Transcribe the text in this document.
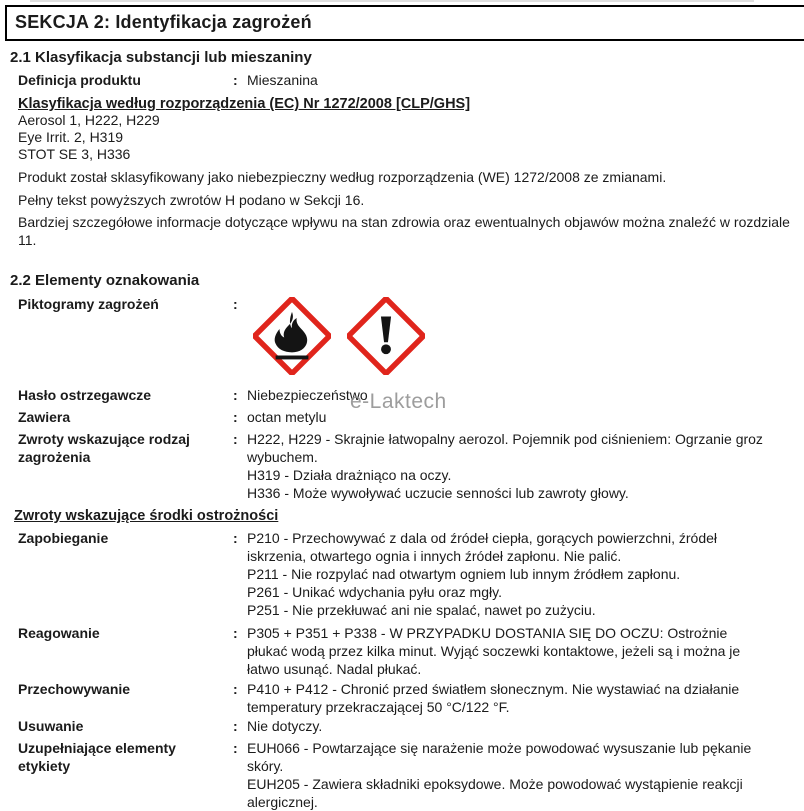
SEKCJA 2: Identyfikacja zagrożeń
2.1 Klasyfikacja substancji lub mieszaniny
Definicja produktu	: Mieszanina
Klasyfikacja według rozporządzenia (EC) Nr 1272/2008 [CLP/GHS]
Aerosol 1, H222, H229
Eye Irrit. 2, H319
STOT SE 3, H336
Produkt został sklasyfikowany jako niebezpieczny według rozporządzenia (WE) 1272/2008 ze zmianami.
Pełny tekst powyższych zwrotów H podano w Sekcji 16.
Bardziej szczegółowe informacje dotyczące wpływu na stan zdrowia oraz ewentualnych objawów można znaleźć w rozdziale 11.
2.2 Elementy oznakowania
Piktogramy zagrożeń	:
Hasło ostrzegawcze	: Niebezpieczeństwo
Zawiera	: octan metylu
Zwroty wskazujące rodzaj zagrożenia
: H222, H229 - Skrajnie łatwopalny aerozol. Pojemnik pod ciśnieniem: Ogrzanie groz
wybuchem.
H319 - Działa drażniąco na oczy.
H336 - Może wywoływać uczucie senności lub zawroty głowy.
Zwroty wskazujące środki ostrożności
Zapobieganie	: P210 - Przechowywać z dala od źródeł ciepła, gorących powierzchni, źródeł
iskrzenia, otwartego ognia i innych źródeł zapłonu. Nie palić.
P211 - Nie rozpylać nad otwartym ogniem lub innym źródłem zapłonu.
P261 - Unikać wdychania pyłu oraz mgły.
P251 - Nie przekłuwać ani nie spalać, nawet po zużyciu.
Reagowanie	: P305 + P351 + P338 - W PRZYPADKU DOSTANIA SIĘ DO OCZU: Ostrożnie
płukać wodą przez kilka minut. Wyjąć soczewki kontaktowe, jeżeli są i można je
łatwo usunąć. Nadal płukać.
Przechowywanie	: P410 + P412 - Chronić przed światłem słonecznym. Nie wystawiać na działanie
temperatury przekraczającej 50 °C/122 °F.
Usuwanie	: Nie dotyczy.
Uzupełniające elementy etykiety
: EUH066 - Powtarzające się narażenie może powodować wysuszanie lub pękanie
skóry.
EUH205 - Zawiera składniki epoksydowe. Może powodować wystąpienie reakcji
alergicznej.
e-Laktech
